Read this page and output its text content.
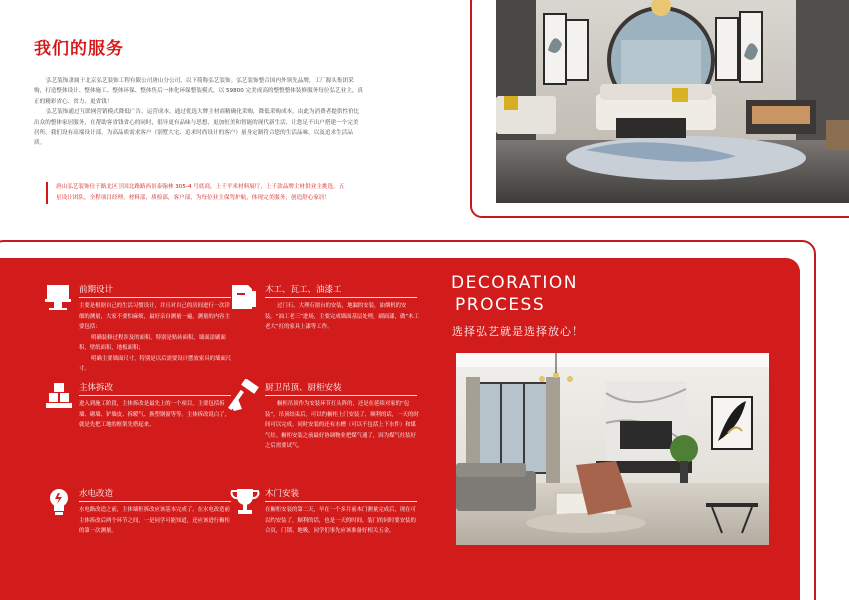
我们的服务

弘艺装饰隶属于北京弘艺装饰工程有限公司唐山分公司，以下简称弘艺装饰。弘艺装饰整合国内外领先品牌，工厂源头集团采购，打造整体设计、整体施工、整体环保、整体售后一体化环保整装模式，以 59800 完美成高的整整整体装修服务每位弘艺业主，真正的精彩省心、省力、更省钱！

弘艺装饰通过互联网营销模式降低广告、运营成本，通过优选大牌主材商精确化采购，降低采购成本，由此为消费者提供性价比出众的整体家居服务，在帮助客省钱省心的同时，倡导更有品味与思想，更加恒美和智能的现代新生活，让您足不出户搭建一个完美居所。我们设有高端设计部，为高品质需求客户（别墅大宅、追求时尚设计的客户）量身定制符合您的生活品味，以及追求生活品质。

唐山弘艺装饰位于路北区卫国北路路西景泰翰林 305-4 号底商，上千平米材料展厅，上千款品牌主材供业主挑选。五
星设计团队，全程项目经理，材料部，质检部，客户部，为每位业主保驾护航，体现完美服务，创造舒心家居！
前期设计

主要是根据自己的生活习惯设计，并且对自己的房间进行一次详细的测量，大家不要怕麻烦，最好亲自测量一遍，测量的内容主要包括：

明确装修过程涉及的面积，特别是贴砖面积，墙面涂刷面积，壁纸面积，地板面积；

明确主要墙面尺寸，特别是以后需要设计摆放家具的墙面尺寸。

主体拆改

进入到施工阶段，主体拆改是最先上的一个项目，主要包括拆墙、砌墙、铲墙皮、拆暖气、换塑钢窗等等。主体拆改说白了，就是先把工地的框架先搭起来。

水电改造

水电路改造之前，主体墙柜拆改应该基本完成了。在水电改造前主体拆改后两个环节之间，一是同学可能知道，还应该进行橱柜的第一次测量。

木工、瓦工、油漆工

过门石、大理石窗台的安装，地漏的安装，油烟机的安装。“油工老三”进场，主要完成墙面基层处理，刷面漆，做“木工老大”打的家具上漆等工作。

厨卫吊顶、厨柜安装

橱柜吊顶作为安装环节打头阵的，还是在延续对家的“包装”，吊顶结束后，可以约橱柜上门安装了，顺利的话，一天的时间可以完成。同时安装的还有水槽（可以不包括上下水件）和煤气灶。橱柜安装之前最好协调物业把煤气通了，因为煤气灶装好之后需要试气。

木门安装

在橱柜安装的第二天，早在一个多月前木门测量完成后，现在可以约安装了，顺利的话，也是一天的时间。装门的同时要安装的合页，门锁、地吸，同学们事先应该准备好相关五金。

DECORATION
PROCESS
选择弘艺就是选择放心！
